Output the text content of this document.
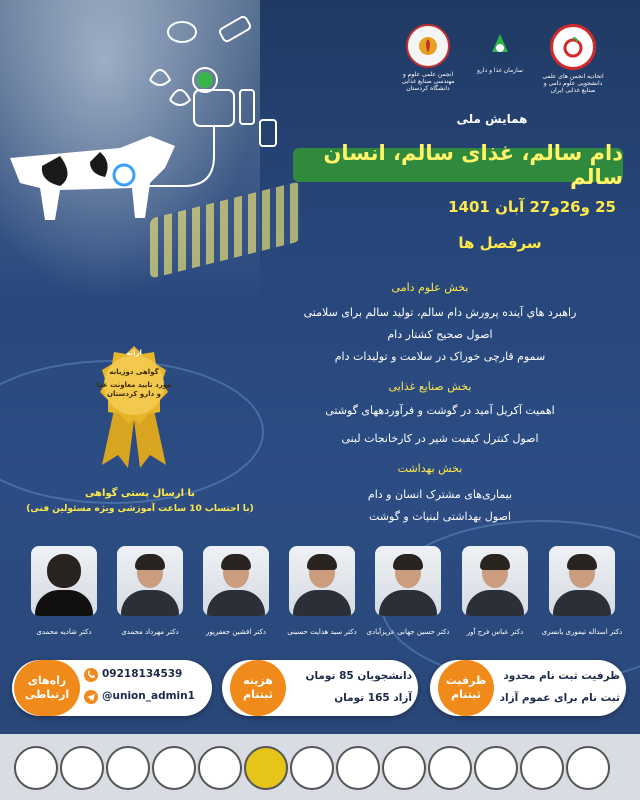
انجمن علمی علوم و مهندسی صنایع غذایی دانشگاه کردستان
سازمان غذا و دارو
اتحادیه انجمن های علمی دانشجویی علوم دامی و صنایع غذایی ایران
همایش ملی
دام سالم، غذای سالم، انسان سالم
25 و26و27 آبان 1401
سرفصل ها
بخش علوم دامی
راهبرد هاي آينده پرورش دام سالم، توليد سالم براى سلامتى
اصول صحيح کشتار دام
سموم قارچی خوراک در سلامت و تولیدات دام
بخش صنایع غذایی
اهمیت آکریل آمید در گوشت و فرآوردههای گوشتی
اصول کنترل کیفیت شیر در کارخانجات لبنی
بخش بهداشت
بیماری‌های مشترک انسان و دام
اصول بهداشتی لبنیات و گوشت
ارائه
گواهی دوزبانه
مورد تایید معاونت غذا و دارو کردستان
با ارسال پستی گواهی
(با احتساب 10 ساعت آموزشی ویژه مسئولین فنی)
دکتر اسداله تیموری یانسری
دکتر عباس فرج آور
دکتر حسین جهانی عزیزآبادی
دکتر سید هدایت حسینی
دکتر افشین جعفرپور
دکتر مهرداد محمدی
دکتر شادیه محمدی
ظرفیت ثبتنام
ظرفیت ثبت نام محدود
ثبت نام برای عموم آزاد
هزینه ثبتنام
دانشجویان 85 تومان
آزاد 165 تومان
راه‌های ارتباطی
09218134539
@union_admin1
